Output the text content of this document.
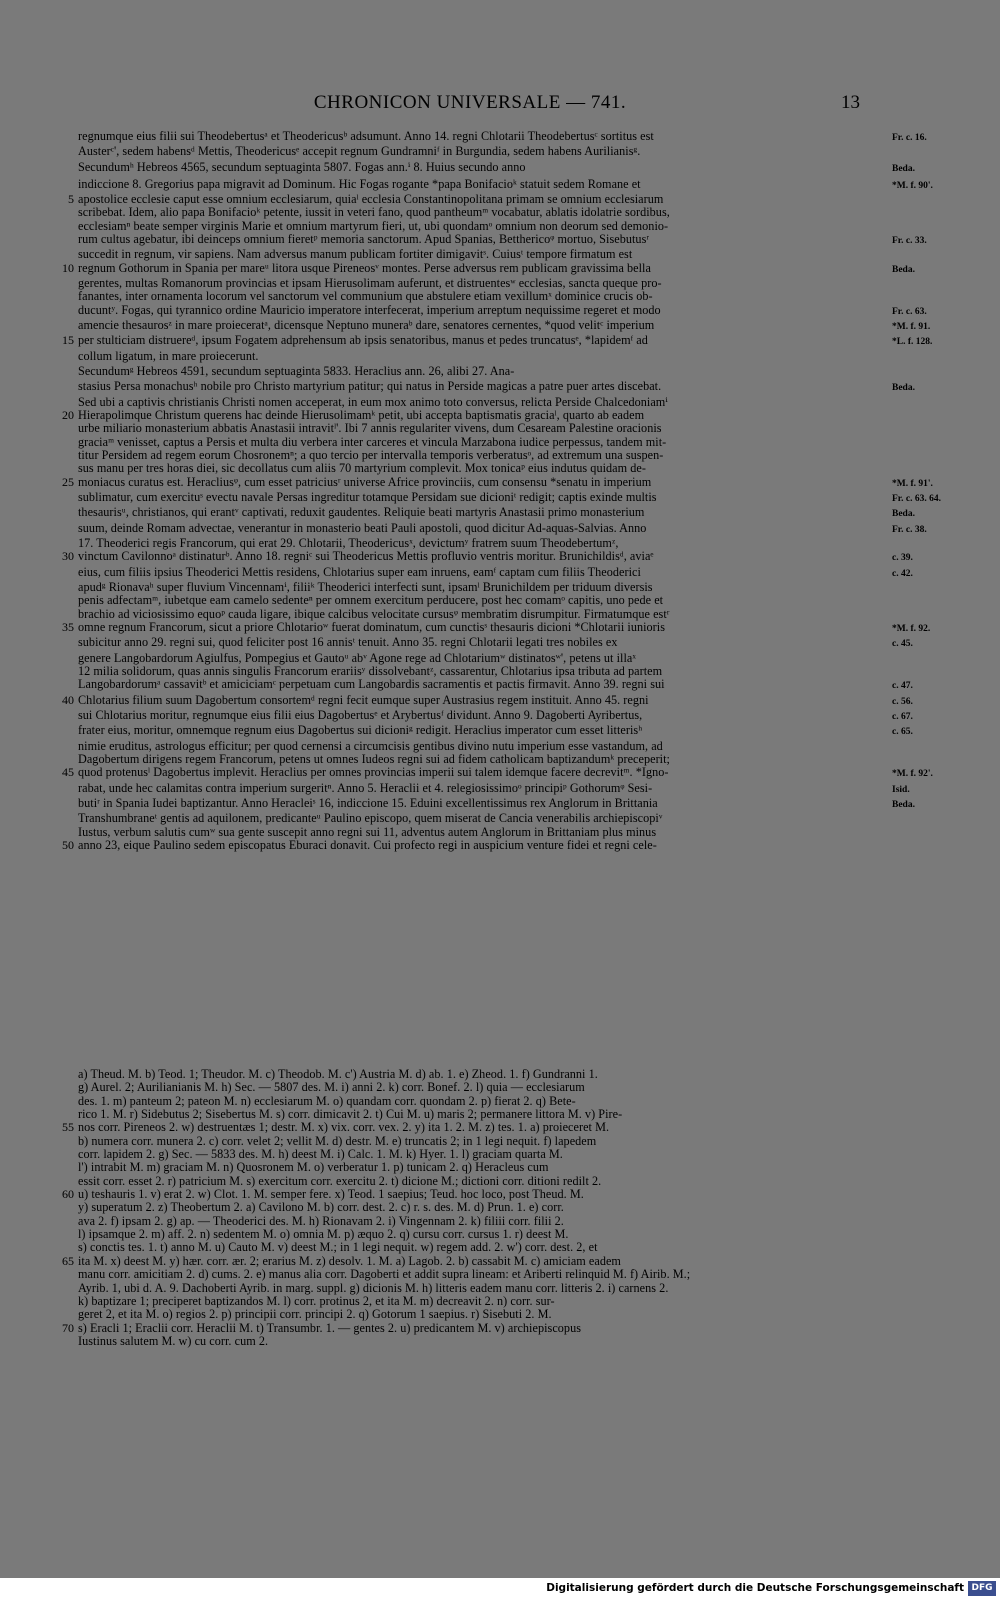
CHRONICON UNIVERSALE — 741.	13
regnumque eius filii sui Theodebertusᵃ et Theodericusᵇ adsumunt. Anno 14. regni Chlotarii Theodebertusᶜ sortitus est	Fr. c. 16.
Austerᶜ', sedem habensᵈ Mettis, Theodericusᵉ accepit regnum Gundramniᶠ in Burgundia, sedem habens Aurilianisᵍ.
Secundumʰ Hebreos 4565, secundum septuaginta 5807. Fogas ann.ⁱ 8. Huius secundo anno	Beda.
indiccione 8. Gregorius papa migravit ad Dominum. Hic Fogas rogante *papa Bonifacioᵏ statuit sedem Romane et	*M. f. 90'.
5 apostolice ecclesie caput esse omnium ecclesiarum, quiaˡ ecclesia Constantinopolitana primam se omnium ecclesiarum
scribebat. Idem, alio papa Bonifacioᵏ petente, iussit in veteri fano, quod pantheumᵐ vocabatur, ablatis idolatrie sordibus,
ecclesiamⁿ beate semper virginis Marie et omnium martyrum fieri, ut, ubi quondamᵒ omnium non deorum sed demonio-
rum cultus agebatur, ibi deinceps omnium fieretᵖ memoria sanctorum. Apud Spanias, Betthericoᵠ mortuo, Sisebutusʳ	Fr. c. 33.
succedit in regnum, vir sapiens. Nam adversus manum publicam fortiter dimigavitˢ. Cuiusᵗ tempore firmatum est
10 regnum Gothorum in Spania per mareᵘ litora usque Pireneosᵛ montes. Perse adversus rem publicam gravissima bella	Beda.
gerentes, multas Romanorum provincias et ipsam Hierusolimam auferunt, et distruentesʷ ecclesias, sancta queque pro-
fanantes, inter ornamenta locorum vel sanctorum vel communium que abstulere etiam vexillumˣ dominice crucis ob-
ducuntʸ. Fogas, qui tyrannico ordine Mauricio imperatore interfecerat, imperium arreptum nequissime regeret et modo	Fr. c. 63.
amencie thesaurosᶻ in mare proieceratᵃ, dicensque Neptuno muneraᵇ dare, senatores cernentes, *quod velitᶜ imperium	*M. f. 91.
15 per stulticiam distruereᵈ, ipsum Fogatem adprehensum ab ipsis senatoribus, manus et pedes truncatusᵉ, *lapidemᶠ ad	*L. f. 128.
collum ligatum, in mare proiecerunt.
Secundumᵍ Hebreos 4591, secundum septuaginta 5833. Heraclius ann. 26, alibi 27. Ana-
stasius Persa monachusʰ nobile pro Christo martyrium patitur; qui natus in Perside magicas a patre puer artes discebat.	Beda.
Sed ubi a captivis christianis Christi nomen acceperat, in eum mox animo toto conversus, relicta Perside Chalcedoniamⁱ
20 Hierapolimque Christum querens hac deinde Hierusolimamᵏ petit, ubi accepta baptismatis graciaˡ, quarto ab eadem
urbe miliario monasterium abbatis Anastasii intravitˡ'. Ibi 7 annis regulariter vivens, dum Cesaream Palestine oracionis
graciaᵐ venisset, captus a Persis et multa diu verbera inter carceres et vincula Marzabona iudice perpessus, tandem mit-
titur Persidem ad regem eorum Chosronemⁿ; a quo tercio per intervalla temporis verberatusᵒ, ad extremum una suspen-
sus manu per tres horas diei, sic decollatus cum aliis 70 martyrium complevit. Mox tonicaᵖ eius indutus quidam de-
25 moniacus curatus est. Heracliusᵠ, cum esset patriciusʳ universe Africe provinciis, cum consensu *senatu in imperium	*M. f. 91'.
sublimatur, cum exercituˢ evectu navale Persas ingreditur totamque Persidam sue dicioniᵗ redigit; captis exinde multis	Fr. c. 63. 64.
thesaurisᵘ, christianos, qui erantᵛ captivati, reduxit gaudentes. Reliquie beati martyris Anastasii primo monasterium	Beda.
suum, deinde Romam advectae, venerantur in monasterio beati Pauli apostoli, quod dicitur Ad-aquas-Salvias. Anno	Fr. c. 38.
17. Theoderici regis Francorum, qui erat 29. Chlotarii, Theodericusˣ, devictumʸ fratrem suum Theodebertumᶻ,
30 vinctum Cavilonnoᵃ distinaturᵇ. Anno 18. regniᶜ sui Theodericus Mettis profluvio ventris moritur. Brunichildisᵈ, aviaᵉ	c. 39.
eius, cum filiis ipsius Theoderici Mettis residens, Chlotarius super eam inruens, eamᶠ captam cum filiis Theoderici	c. 42.
apudᵍ Rionavaʰ super fluvium Vincennamⁱ, filiiᵏ Theoderici interfecti sunt, ipsamˡ Brunichildem per triduum diversis
penis adfectamᵐ, iubetque eam camelo sedenteⁿ per omnem exercitum perducere, post hec comamᵒ capitis, uno pede et
brachio ad viciosissimo equoᵖ cauda ligare, ibique calcibus velocitate cursusᵠ membratim disrumpitur. Firmatumque estʳ
35 omne regnum Francorum, sicut a priore Chlotarioʷ fuerat dominatum, cum cunctisˢ thesauris dicioni *Chlotarii iunioris	*M. f. 92.
subicitur anno 29. regni sui, quod feliciter post 16 annisᵗ tenuit. Anno 35. regni Chlotarii legati tres nobiles ex	c. 45.
genere Langobardorum Agiulfus, Pompegius et Gautoᵘ abᵛ Agone rege ad Chlotariumʷ distinatosʷ', petens ut illaˣ
12 milia solidorum, quas annis singulis Francorum erariisʸ dissolvebantᶻ, cassarentur, Chlotarius ipsa tributa ad partem
Langobardorumᵃ cassavitᵇ et amiciciamᶜ perpetuam cum Langobardis sacramentis et pactis firmavit. Anno 39. regni sui	c. 47.
40 Chlotarius filium suum Dagobertum consortemᵈ regni fecit eumque super Austrasius regem instituit. Anno 45. regni	c. 56.
sui Chlotarius moritur, regnumque eius filii eius Dagobertusᵉ et Arybertusᶠ dividunt. Anno 9. Dagoberti Ayribertus,	c. 67.
frater eius, moritur, omnemque regnum eius Dagobertus sui dicioniᵍ redigit. Heraclius imperator cum esset litterisʰ	c. 65.
nimie eruditus, astrologus efficitur; per quod cernensi a circumcisis gentibus divino nutu imperium esse vastandum, ad
Dagobertum dirigens regem Francorum, petens ut omnes Iudeos regni sui ad fidem catholicam baptizandumᵏ preceperit;
45 quod protenusˡ Dagobertus implevit. Heraclius per omnes provincias imperii sui talem idemque facere decrevitᵐ. *Igno-	*M. f. 92'.
rabat, unde hec calamitas contra imperium surgeritⁿ. Anno 5. Heraclii et 4. relegiosissimoᵒ principiᵖ Gothorumᵠ Sesi-	Isid.
butiʳ in Spania Iudei baptizantur. Anno Heracleiˢ 16, indiccione 15. Eduini excellentissimus rex Anglorum in Brittania	Beda.
Transhumbraneᵗ gentis ad aquilonem, predicanteᵘ Paulino episcopo, quem miserat de Cancia venerabilis archiepiscopiᵛ
Iustus, verbum salutis cumʷ sua gente suscepit anno regni sui 11, adventus autem Anglorum in Brittaniam plus minus
50 anno 23, eique Paulino sedem episcopatus Eburaci donavit. Cui profecto regi in auspicium venture fidei et regni cele-
a) Theud. M. b) Teod. 1; Theudor. M. c) Theodob. M. c') Austria M. d) ab. 1. e) Zheod. 1. f) Gundranni 1.
g) Aurel. 2; Aurilianianis M. h) Sec. — 5807 des. M. i) anni 2. k) corr. Bonef. 2. l) quia — ecclesiarum
des. 1. m) panteum 2; pateon M. n) ecclesiarum M. o) quandam corr. quondam 2. p) fierat 2. q) Bete-
rico 1. M. r) Sidebutus 2; Sisebertus M. s) corr. dimicavit 2. t) Cui M. u) maris 2; permanere littora M. v) Pire-
55 nos corr. Pireneos 2. w) destruentæs 1; destr. M. x) vix. corr. vex. 2. y) ita 1. 2. M. z) tes. 1. a) proieceret M.
b) numera corr. munera 2. c) corr. velet 2; vellit M. d) destr. M. e) truncatis 2; in 1 legi nequit. f) lapedem
corr. lapidem 2. g) Sec. — 5833 des. M. h) deest M. i) Calc. 1. M. k) Hyer. 1. l) graciam quarta M.
l') intrabit M. m) graciam M. n) Quosronem M. o) verberatur 1. p) tunicam 2. q) Heracleus cum
essit corr. esset 2. r) patricium M. s) exercitum corr. exercitu 2. t) dicione M.; dictioni corr. ditioni redilt 2.
60 u) teshauris 1. v) erat 2. w) Clot. 1. M. semper fere. x) Teod. 1 saepius; Teud. hoc loco, post Theud. M.
y) superatum 2. z) Theobertum 2. a) Cavilono M. b) corr. dest. 2. c) r. s. des. M. d) Prun. 1. e) corr.
ava 2. f) ipsam 2. g) ap. — Theoderici des. M. h) Rionavam 2. i) Vingennam 2. k) filiii corr. filii 2.
l) ipsamque 2. m) aff. 2. n) sedentem M. o) omnia M. p) æquo 2. q) cursu corr. cursus 1. r) deest M.
s) conctis tes. 1. t) anno M. u) Cauto M. v) deest M.; in 1 legi nequit. w) regem add. 2. w') corr. dest. 2, et
65 ita M. x) deest M. y) hær. corr. ær. 2; erarius M. z) desolv. 1. M. a) Lagob. 2. b) cassabit M. c) amiciam eadem
manu corr. amicitiam 2. d) cums. 2. e) manus alia corr. Dagoberti et addit supra lineam: et Ariberti relinquid M. f) Airib. M.;
Ayrib. 1, ubi d. A. 9. Dachoberti Ayrib. in marg. suppl. g) dicionis M. h) litteris eadem manu corr. litteris 2. i) carnens 2.
k) baptizare 1; preciperet baptizandos M. l) corr. protinus 2, et ita M. m) decreavit 2. n) corr. sur-
geret 2, et ita M. o) regios 2. p) principii corr. principi 2. q) Gotorum 1 saepius. r) Sisebuti 2. M.
70 s) Eracli 1; Eraclii corr. Heraclii M. t) Transumbr. 1. — gentes 2. u) predicantem M. v) archiepiscopus
Iustinus salutem M. w) cu corr. cum 2.
Digitalisierung gefördert durch die Deutsche Forschungsgemeinschaft DFG
